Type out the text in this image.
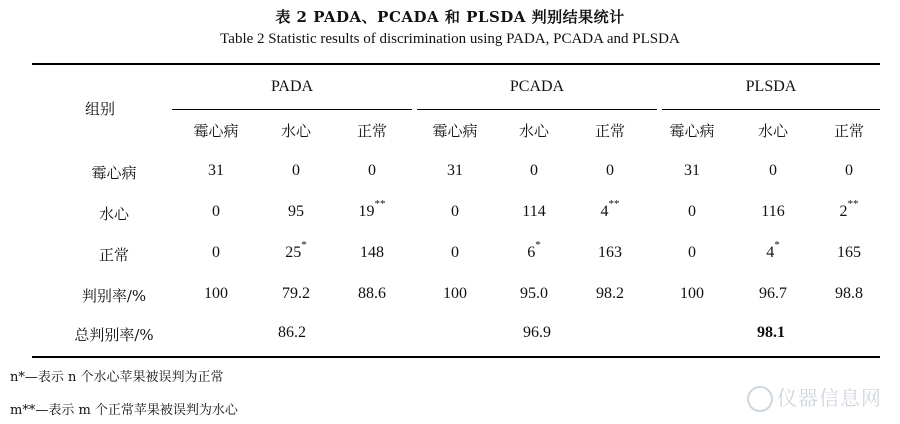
表 2 PADA、PCADA 和 PLSDA 判别结果统计
Table 2 Statistic results of discrimination using PADA, PCADA and PLSDA
组别
PADA	PCADA	PLSDA
霉心病	水心	正常	霉心病	水心	正常	霉心病	水心	正常
霉心病	31	0	0	31	0	0	31	0	0
水心	0	95	19**	0	114	4**	0	116	2**
正常	0	25*	148	0	6*	163	0	4*	165
判别率/%	100	79.2	88.6	100	95.0	98.2	100	96.7	98.8
总判别率/%	86.2	96.9	98.1
n*—表示 n 个水心苹果被误判为正常
m**—表示 m 个正常苹果被误判为水心
仪器信息网
